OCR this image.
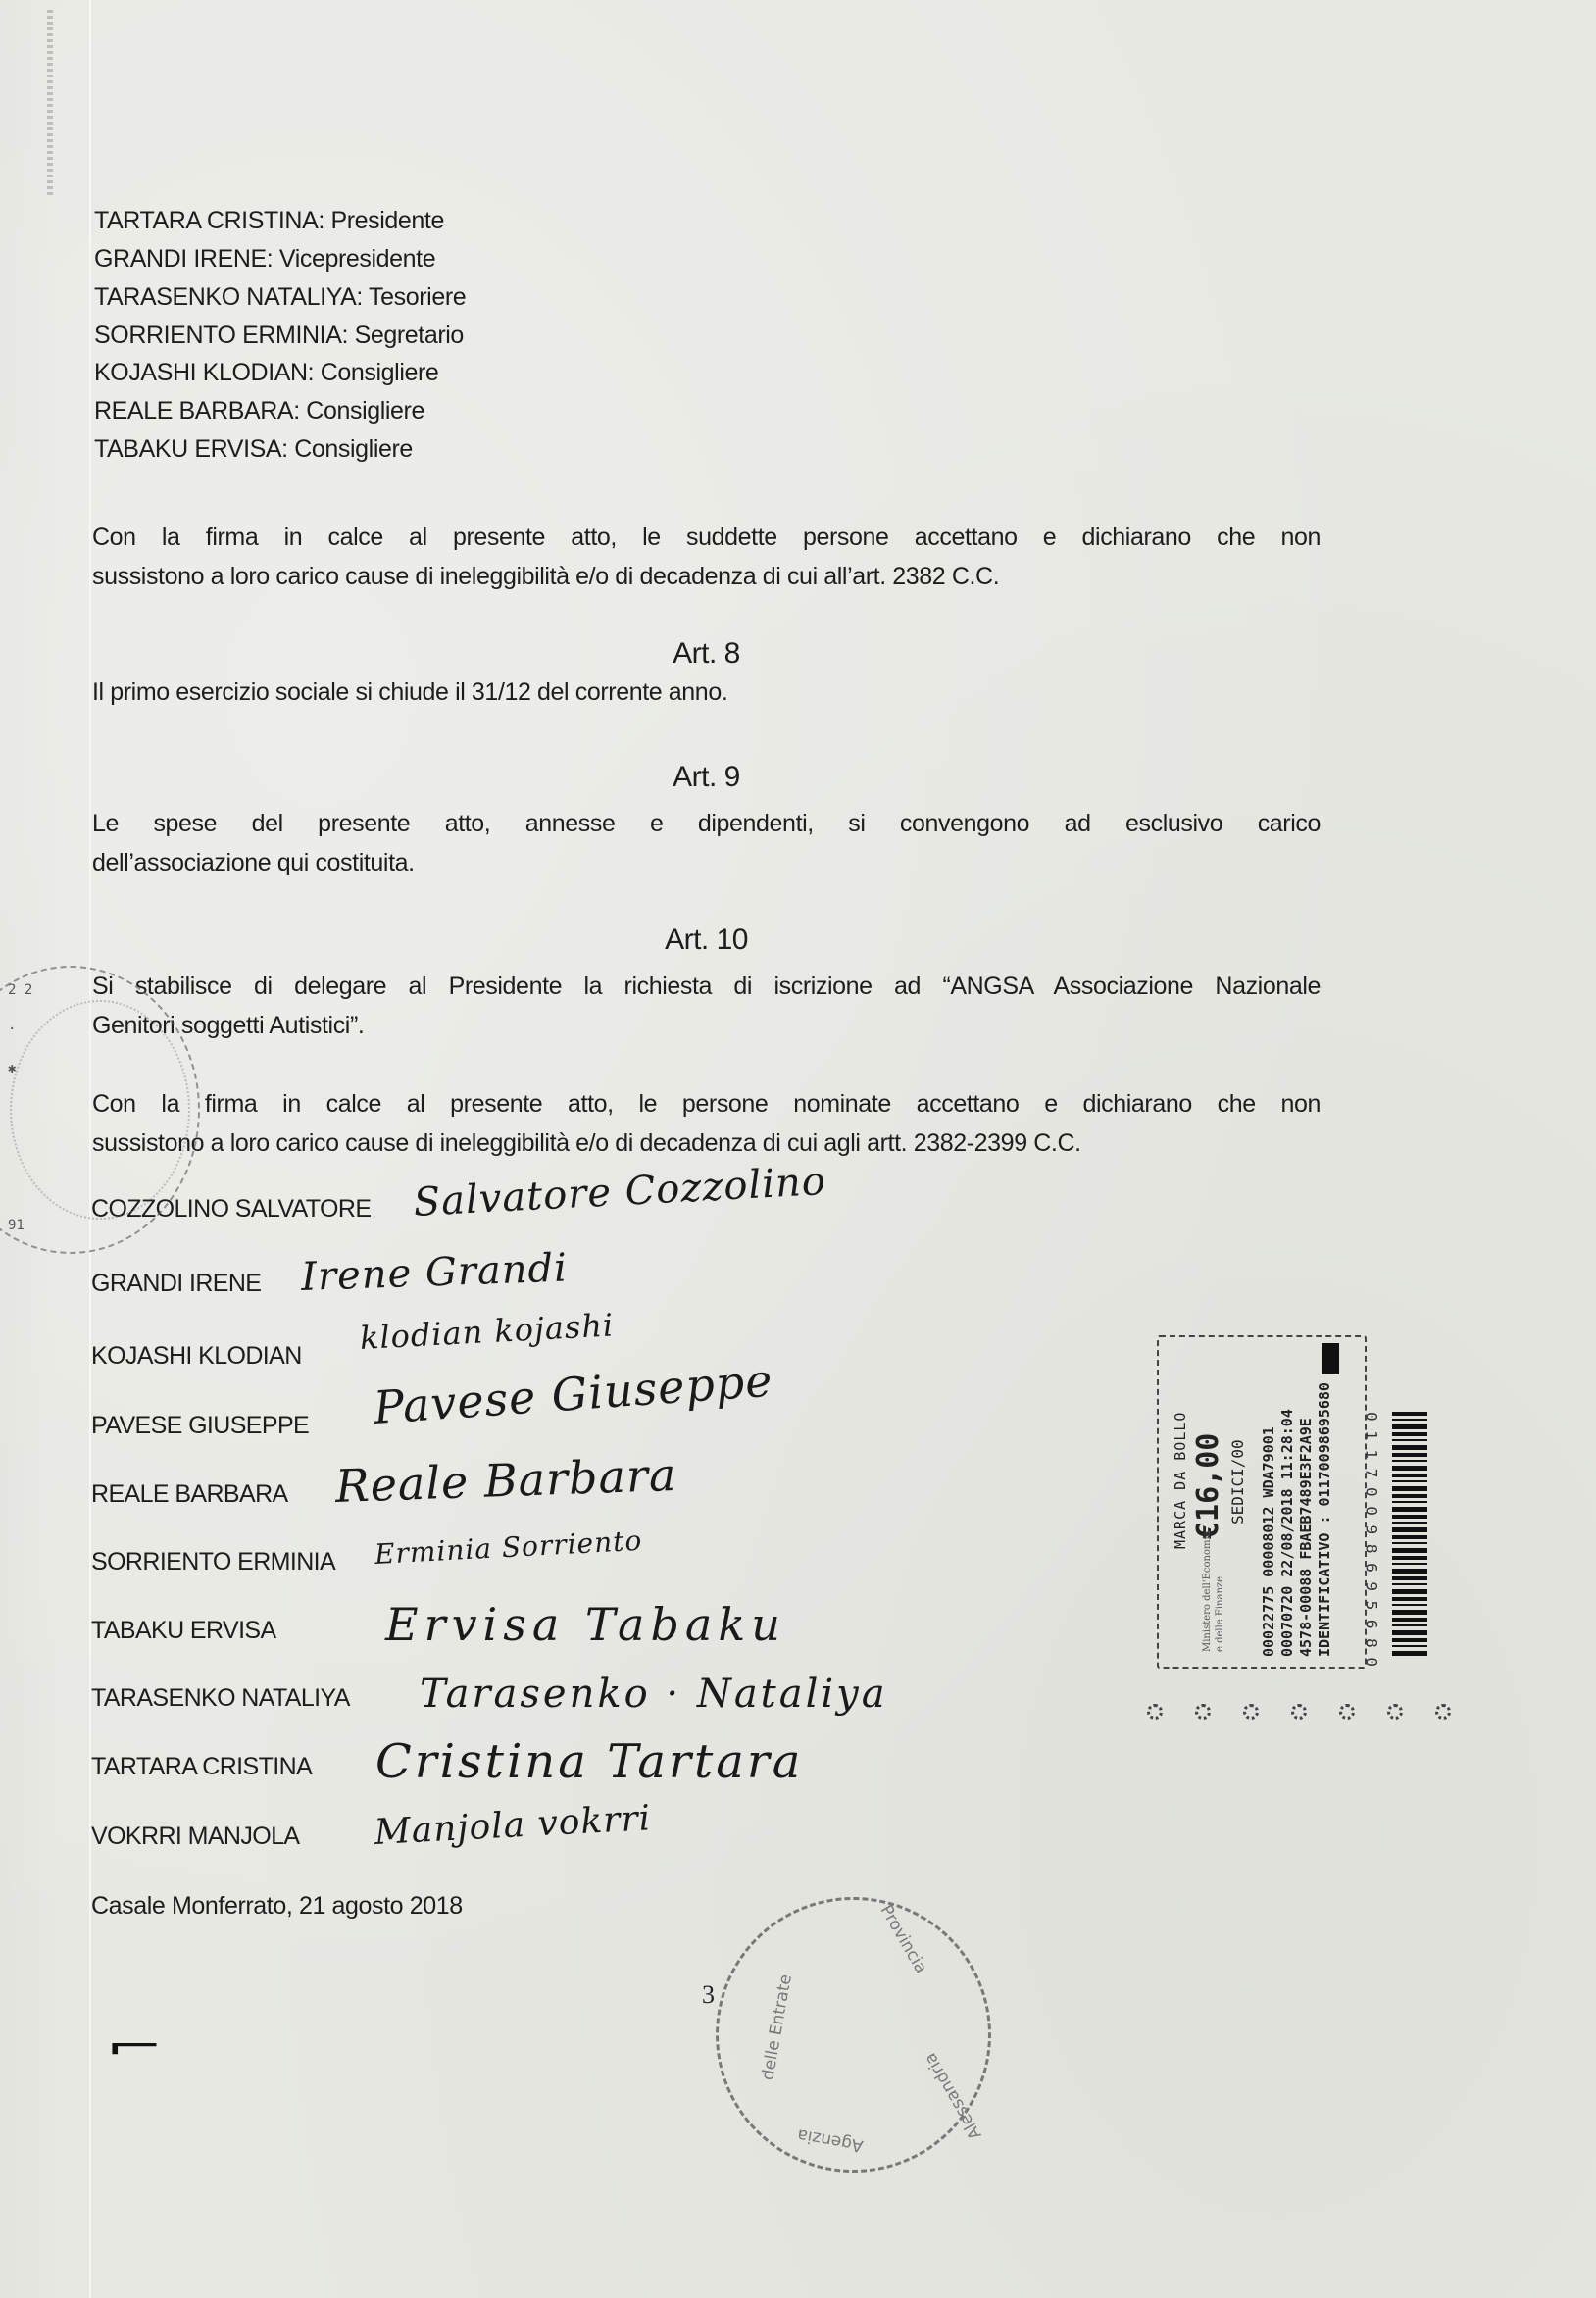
TARTARA CRISTINA: Presidente
GRANDI IRENE: Vicepresidente
TARASENKO NATALIYA: Tesoriere
SORRIENTO ERMINIA: Segretario
KOJASHI KLODIAN: Consigliere
REALE BARBARA: Consigliere
TABAKU ERVISA: Consigliere
Con la firma in calce al presente atto, le suddette persone accettano e dichiarano che non
sussistono a loro carico cause di ineleggibilità e/o di decadenza di cui all’art. 2382 C.C.
Art. 8
Il primo esercizio sociale si chiude il 31/12 del corrente anno.
Art. 9
Le spese del presente atto, annesse e dipendenti, si convengono ad esclusivo carico
dell’associazione qui costituita.
Art. 10
Si stabilisce di delegare al Presidente la richiesta di iscrizione ad “ANGSA Associazione Nazionale
Genitori soggetti Autistici”.
Con la firma in calce al presente atto, le persone nominate accettano e dichiarano che non
sussistono a loro carico cause di ineleggibilità e/o di decadenza di cui agli artt. 2382-2399 C.C.
COZZOLINO SALVATORE Salvatore Cozzolino
GRANDI IRENE Irene Grandi
KOJASHI KLODIAN klodian kojashi
PAVESE GIUSEPPE Pavese Giuseppe
REALE BARBARA Reale Barbara
SORRIENTO ERMINIA Erminia Sorriento
TABAKU ERVISA Ervisa Tabaku
TARASENKO NATALIYA Tarasenko · Nataliya
TARTARA CRISTINA Cristina Tartara
VOKRRI MANJOLA Manjola vokrri
Casale Monferrato, 21 agosto 2018
MARCA DA BOLLO €16,00 SEDICI/00
Ministero dell'Economia e delle Finanze 00022775 00008012 WDA79001 00070720 22/08/2018 11:28:04 4578-00088 FBAEB7489E3F2A9E IDENTIFICATIVO : 01170098695680 0 1 1 7 0 0 9 8 6 9 5 6 8 0
Provincia
delle Entrate
Agenzia	Alessandria
3
2 2
·
✱
91
⌐
